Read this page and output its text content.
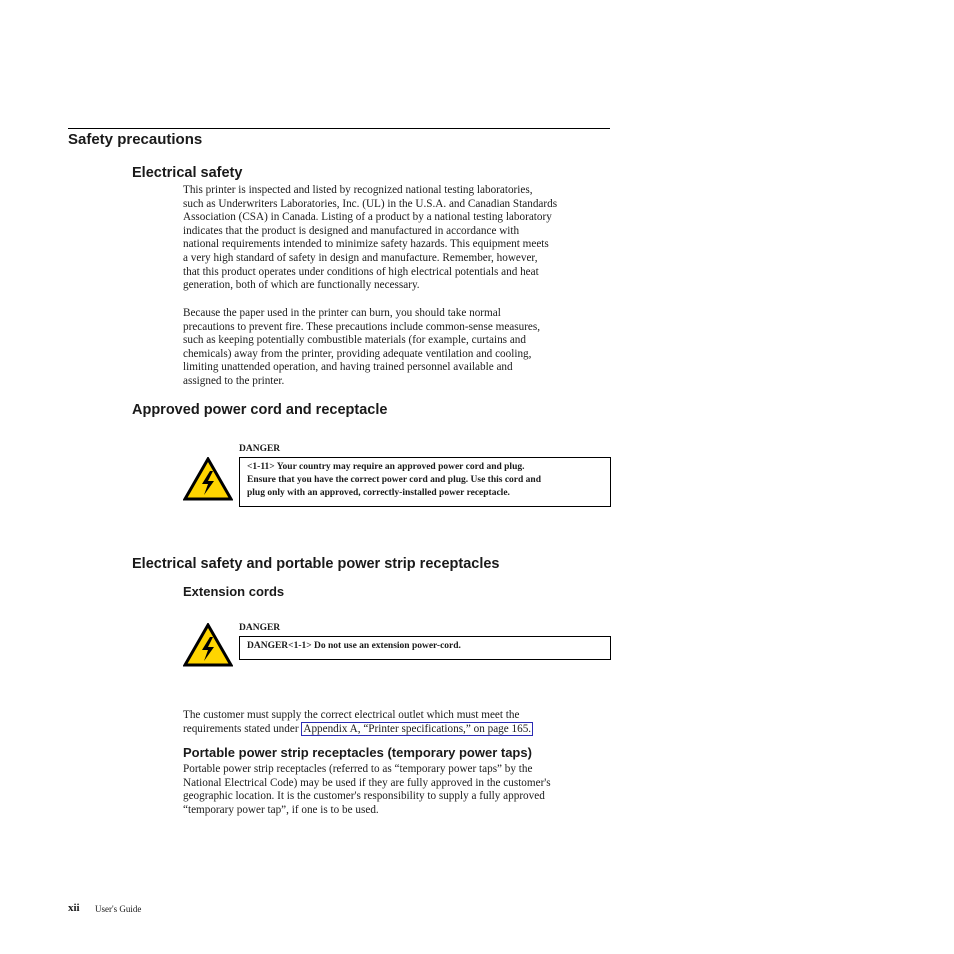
Safety precautions
Electrical safety

This printer is inspected and listed by recognized national testing laboratories,
such as Underwriters Laboratories, Inc. (UL) in the U.S.A. and Canadian Standards
Association (CSA) in Canada. Listing of a product by a national testing laboratory
indicates that the product is designed and manufactured in accordance with
national requirements intended to minimize safety hazards. This equipment meets
a very high standard of safety in design and manufacture. Remember, however,
that this product operates under conditions of high electrical potentials and heat
generation, both of which are functionally necessary.

Because the paper used in the printer can burn, you should take normal
precautions to prevent fire. These precautions include common-sense measures,
such as keeping potentially combustible materials (for example, curtains and
chemicals) away from the printer, providing adequate ventilation and cooling,
limiting unattended operation, and having trained personnel available and
assigned to the printer.

Approved power cord and receptacle
DANGER
<1-11> Your country may require an approved power cord and plug.
Ensure that you have the correct power cord and plug. Use this cord and
plug only with an approved, correctly-installed power receptacle.
Electrical safety and portable power strip receptacles
Extension cords
DANGER
DANGER<1-1> Do not use an extension power-cord.

The customer must supply the correct electrical outlet which must meet the
requirements stated under Appendix A, “Printer specifications,” on page 165.

Portable power strip receptacles (temporary power taps)

Portable power strip receptacles (referred to as “temporary power taps” by the
National Electrical Code) may be used if they are fully approved in the customer's
geographic location. It is the customer's responsibility to supply a fully approved
“temporary power tap”, if one is to be used.

xii User's Guide
